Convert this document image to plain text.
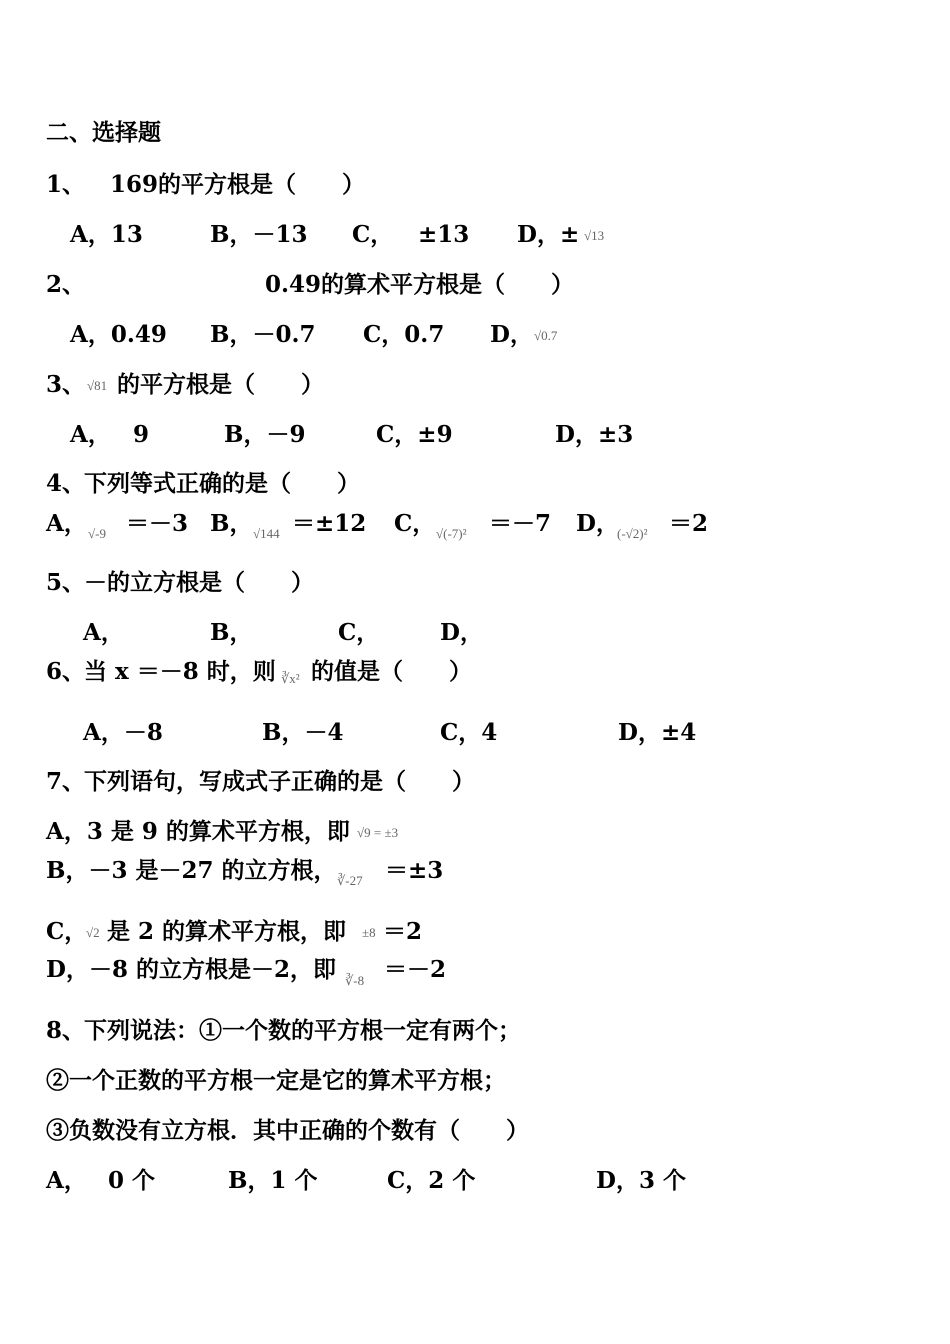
二、选择题
1、 169的平方根是（　　）
A，13	B，－13 C， ±13 D，± √13
2、	0.49的算术平方根是（　　）
A，0.49 B，－0.7 C，0.7 D， √0.7
3、 √81 的平方根是（　　）
A， 9	B，－9	C，±9	D，±3
4、
下列等式正确的是（　　）
A， √-9 ＝－3 B， √144 ＝±12 C， √(-7)² ＝－7 D，
(-√2)² ＝2
5、
－的立方根是（　　）
A，	B，	C，	D，
6、
当 x ＝－8 时，则 ∛x² 的值是（　　）
A，－8	B，－4	C，4	D，±4
7、
下列语句，写成式子正确的是（　　）
A，3 是 9 的算术平方根，即 √9 = ±3
B，－3 是－27 的立方根， ∛-27 ＝±3
C，
√2 是 2 的算术平方根，即 ±8 ＝2
D，－8 的立方根是－2，即 ∛-8 ＝－2
8、
下列说法：①一个数的平方根一定有两个；
②一个正数的平方根一定是它的算术平方根；
③负数没有立方根．其中正确的个数有（　　）
A， 0 个	B，1 个	C，2 个	D，3 个
